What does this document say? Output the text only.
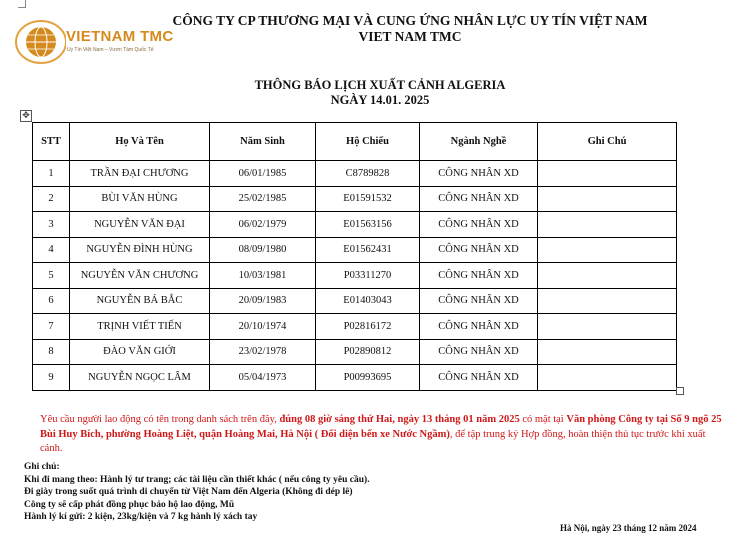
VIETNAM TMC
Uy Tín Việt Nam – Vươn Tầm Quốc Tế
CÔNG TY CP THƯƠNG MẠI VÀ CUNG ỨNG NHÂN LỰC UY TÍN VIỆT NAM
VIET NAM TMC
THÔNG BÁO LỊCH XUẤT CẢNH ALGERIA
NGÀY 14.01. 2025
✥
STT	Họ Và Tên	Năm Sinh	Hộ Chiếu	Ngành Nghề	Ghi Chú
1	TRẦN ĐẠI CHƯƠNG	06/01/1985	C8789828	CÔNG NHÂN XD	
2	BÙI VĂN HÙNG	25/02/1985	E01591532	CÔNG NHÂN XD	
3	NGUYỄN VĂN ĐẠI	06/02/1979	E01563156	CÔNG NHÂN XD	
4	NGUYỄN ĐÌNH HÙNG	08/09/1980	E01562431	CÔNG NHÂN XD	
5	NGUYỄN VĂN CHƯƠNG	10/03/1981	P03311270	CÔNG NHÂN XD	
6	NGUYỄN BÁ BẮC	20/09/1983	E01403043	CÔNG NHÂN XD	
7	TRỊNH VIẾT TIẾN	20/10/1974	P02816172	CÔNG NHÂN XD	
8	ĐÀO VĂN GIỚI	23/02/1978	P02890812	CÔNG NHÂN XD	
9	NGUYỄN NGỌC LÂM	05/04/1973	P00993695	CÔNG NHÂN XD	
Yêu cầu người lao động có tên trong danh sách trên đây, đúng 08 giờ sáng thứ Hai, ngày 13 tháng 01 năm 2025 có mặt tại Văn phòng Công ty tại Số 9 ngõ 25 Bùi Huy Bích, phường Hoàng Liệt, quận Hoàng Mai, Hà Nội ( Đối diện bến xe Nước Ngầm), để tập trung ký Hợp đồng, hoàn thiện thủ tục trước khi xuất cảnh.
Ghi chú:
Khi đi mang theo: Hành lý tư trang; các tài liệu cần thiết khác ( nếu công ty yêu cầu).
Đi giày trong suốt quá trình di chuyển từ Việt Nam đến Algeria (Không đi dép lê)
Công ty sẽ cấp phát đồng phục bảo hộ lao động, Mũ
Hành lý kí gửi: 2 kiện, 23kg/kiện và 7 kg hành lý xách tay
Hà Nội, ngày 23 tháng 12 năm 2024
